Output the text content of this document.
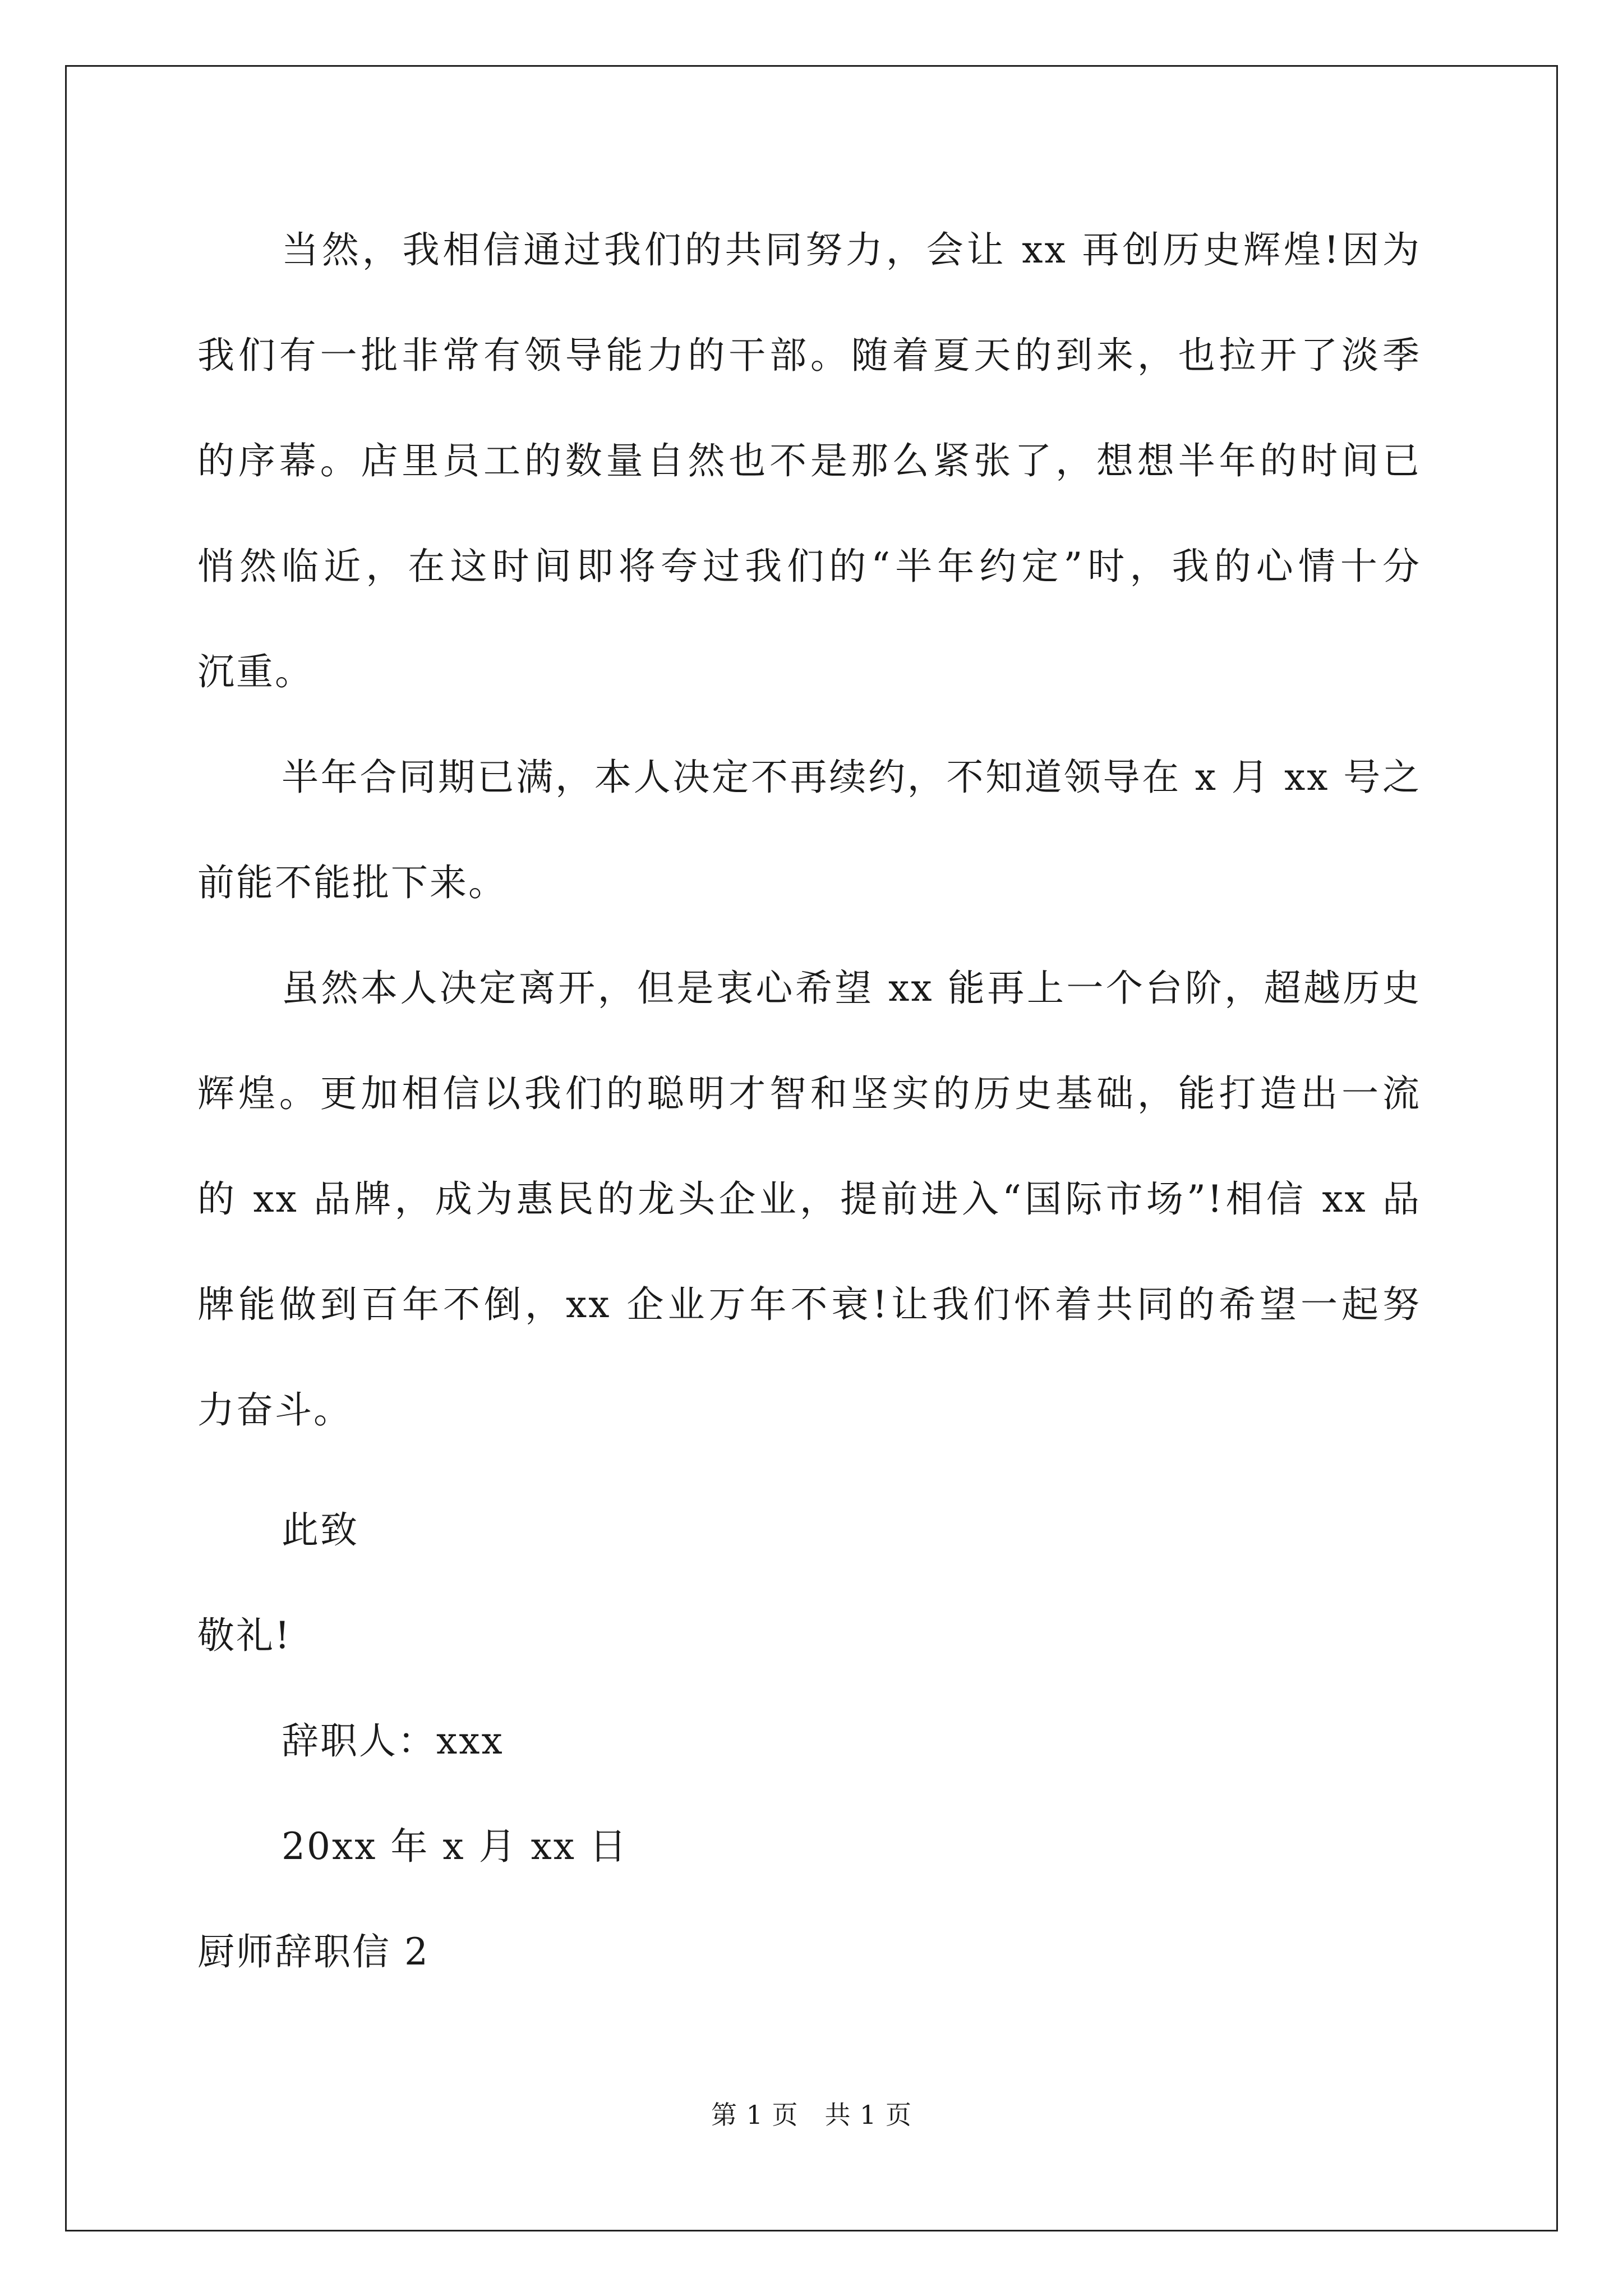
当然，我相信通过我们的共同努力，会让 xx 再创历史辉煌!因为
我们有一批非常有领导能力的干部。随着夏天的到来，也拉开了淡季
的序幕。店里员工的数量自然也不是那么紧张了，想想半年的时间已
悄然临近，在这时间即将夸过我们的“半年约定”时，我的心情十分
沉重。
半年合同期已满，本人决定不再续约，不知道领导在 x 月 xx 号之
前能不能批下来。
虽然本人决定离开，但是衷心希望 xx 能再上一个台阶，超越历史
辉煌。更加相信以我们的聪明才智和坚实的历史基础，能打造出一流
的 xx 品牌，成为惠民的龙头企业，提前进入“国际市场”!相信 xx 品
牌能做到百年不倒，xx 企业万年不衰!让我们怀着共同的希望一起努
力奋斗。
此致
敬礼!
辞职人：xxx
20xx 年 x 月 xx 日
厨师辞职信 2
第 1 页 共 1 页
